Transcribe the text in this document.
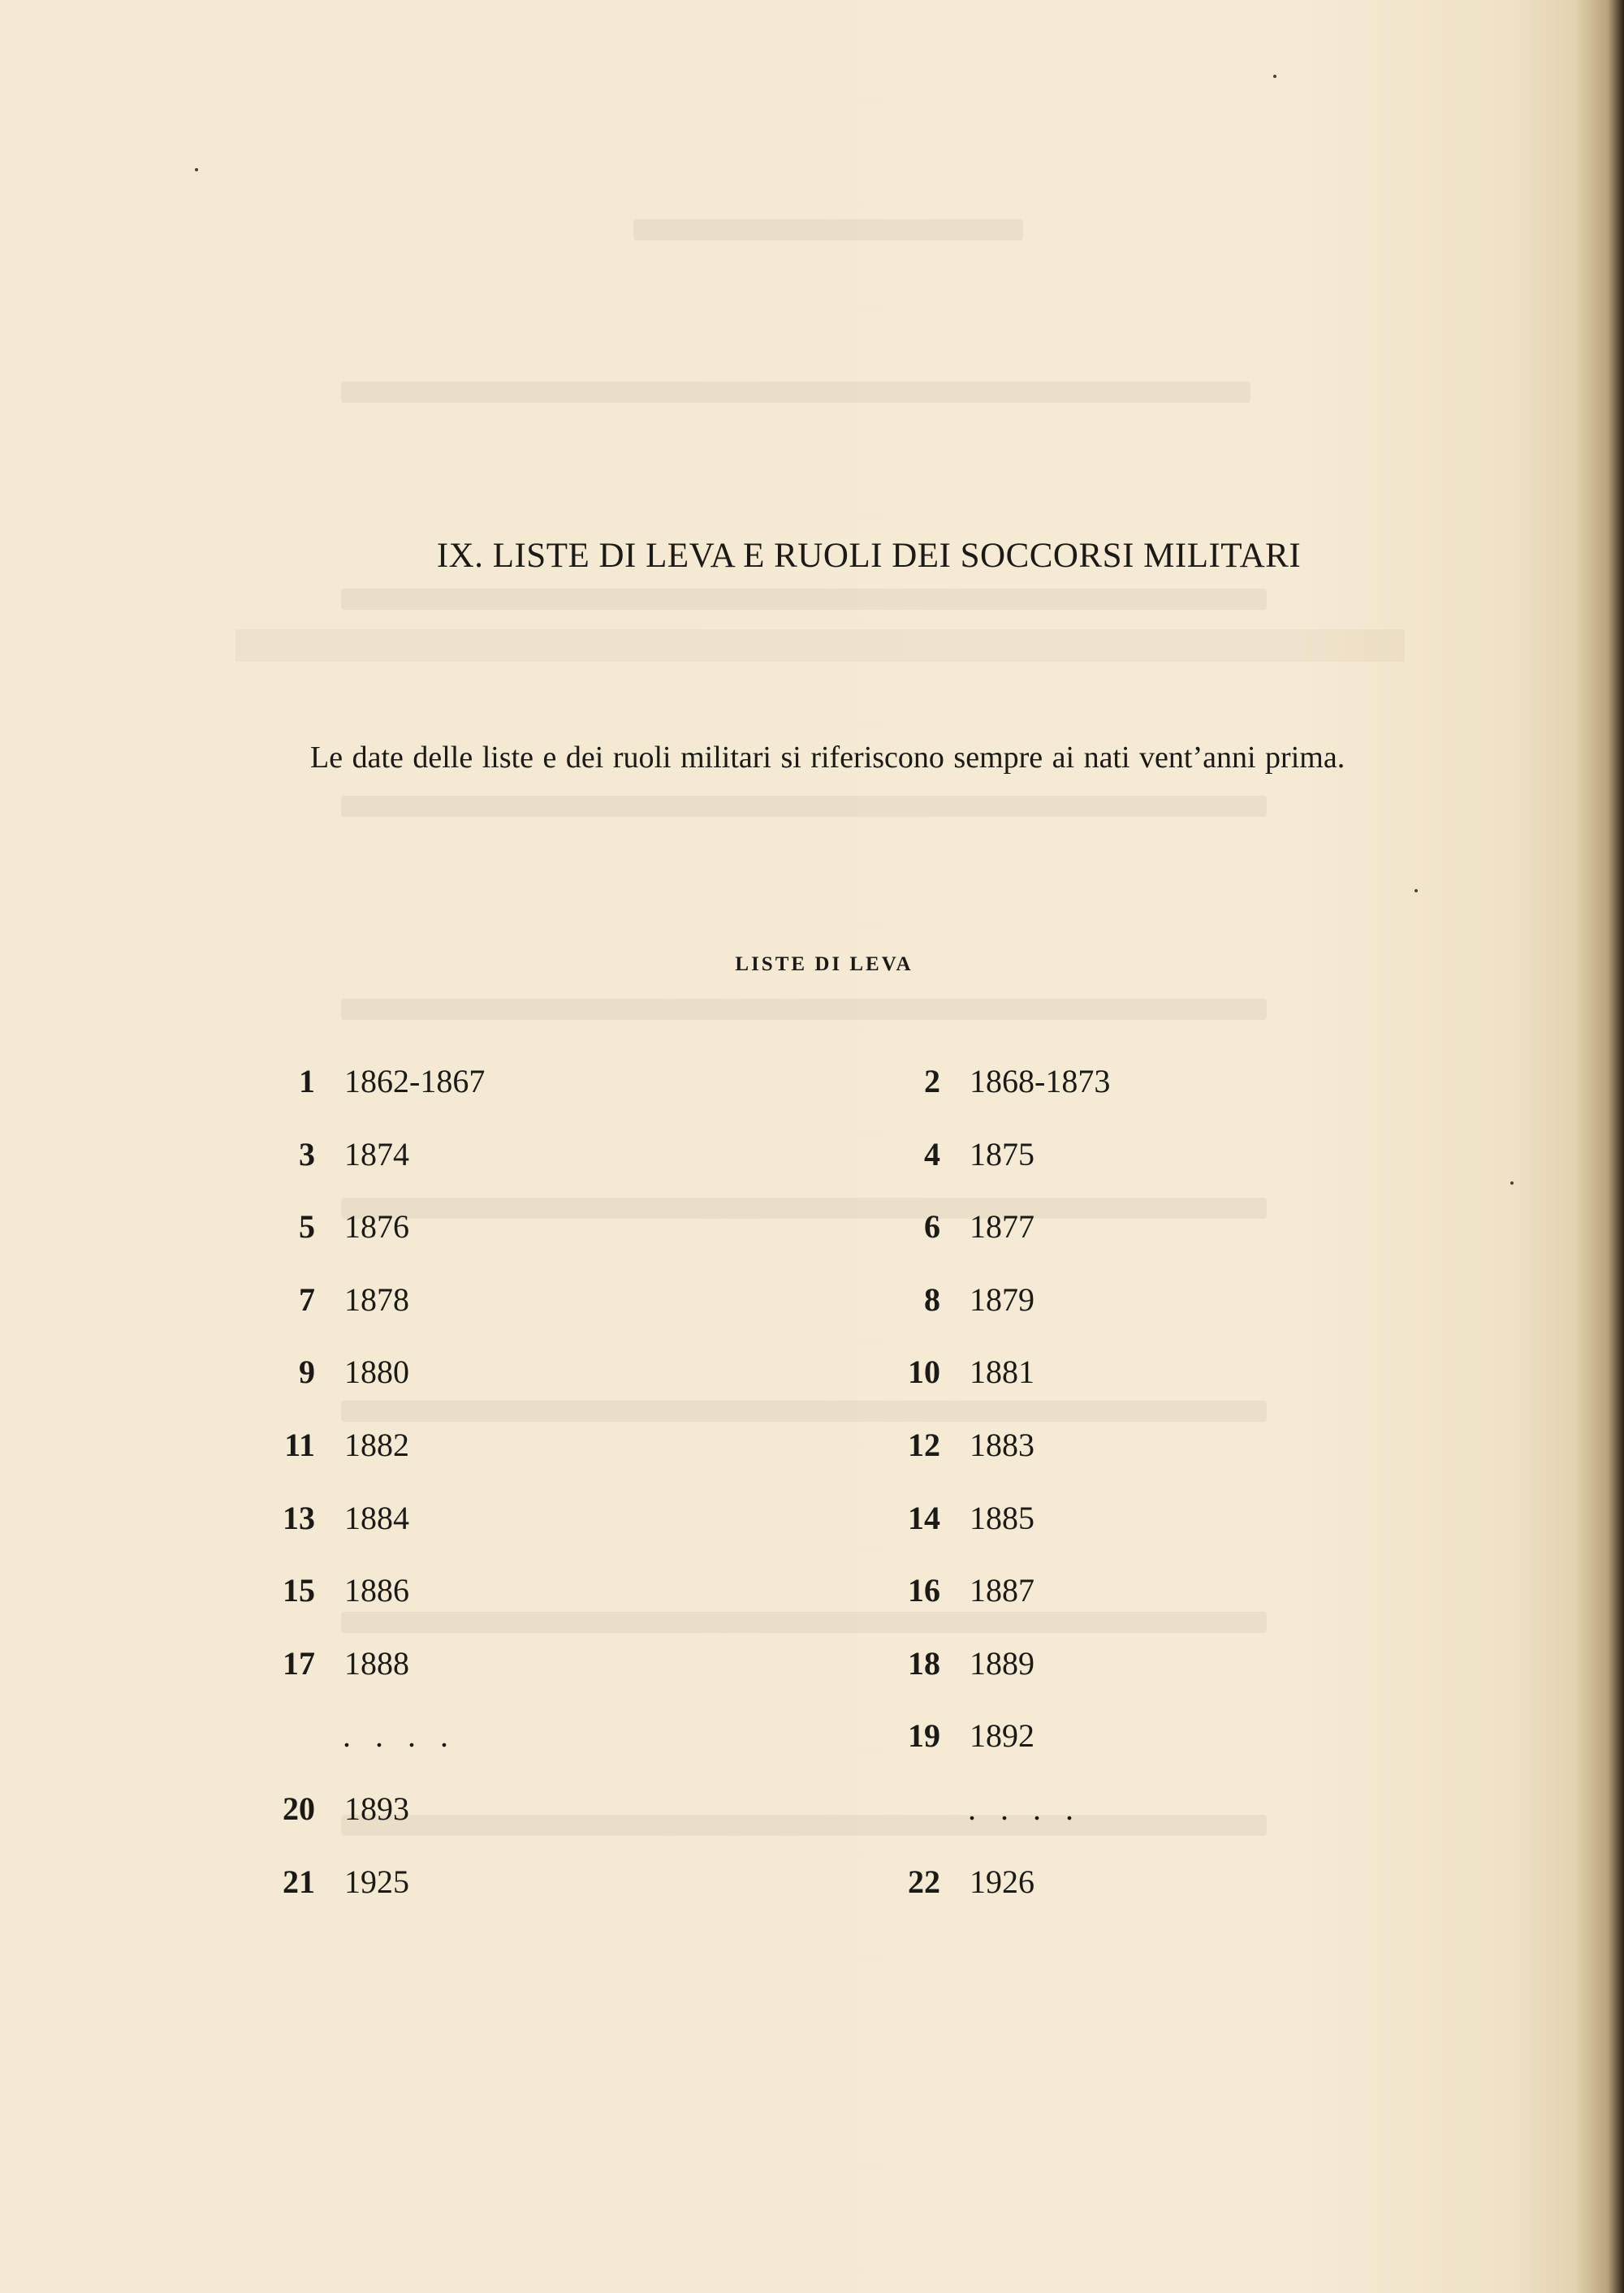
IX. LISTE DI LEVA E RUOLI DEI SOCCORSI MILITARI
Le date delle liste e dei ruoli militari si riferiscono sempre ai nati vent’anni prima.
LISTE DI LEVA
1 1862-1867
3 1874
5 1876
7 1878
9 1880
11 1882
13 1884
15 1886
17 1888
. . . .
20 1893
21 1925
2 1868-1873
4 1875
6 1877
8 1879
10 1881
12 1883
14 1885
16 1887
18 1889
19 1892
. . . .
22 1926
